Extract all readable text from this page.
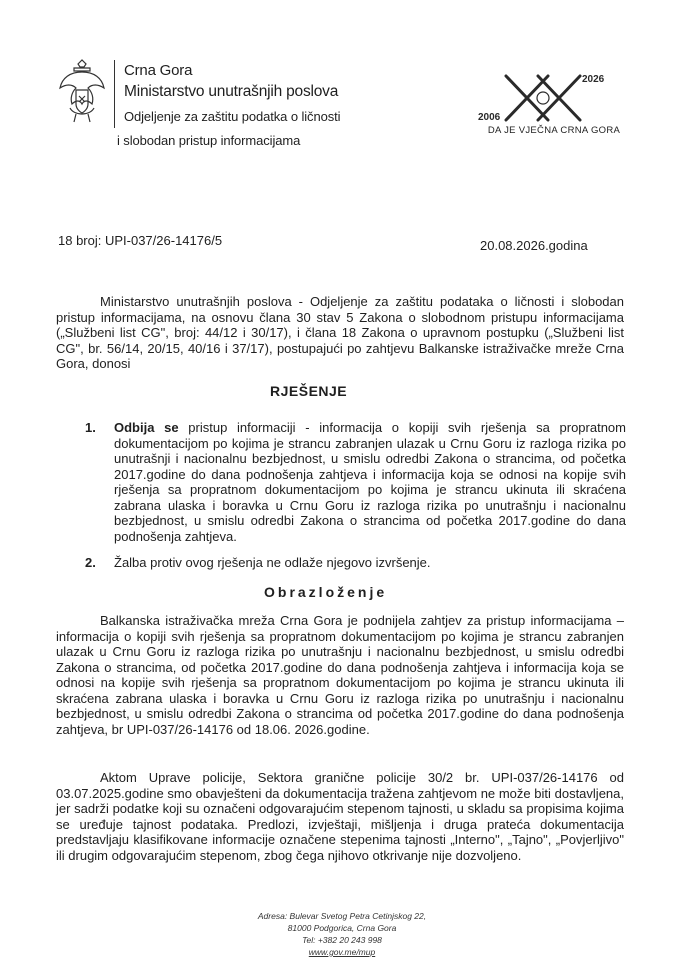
Crna Gora
Ministarstvo unutrašnjih poslova
Odjeljenje za zaštitu podatka o ličnosti
i slobodan pristup informacijama
2006
2026
DA JE VJEČNA CRNA GORA
18 broj: UPI-037/26-14176/5	20.08.2026.godina
Ministarstvo unutrašnjih poslova - Odjeljenje za zaštitu podataka o ličnosti i slobodan pristup informacijama, na osnovu člana 30 stav 5 Zakona o slobodnom pristupu informacijama („Službeni list CG", broj: 44/12 i 30/17), i člana 18 Zakona o upravnom postupku („Službeni list CG", br. 56/14, 20/15, 40/16 i 37/17), postupajući po zahtjevu Balkanske istraživačke mreže Crna Gora, donosi
RJEŠENJE
1. Odbija se pristup informaciji - informacija o kopiji svih rješenja sa propratnom dokumentacijom po kojima je strancu zabranjen ulazak u Crnu Goru iz razloga rizika po unutrašnji i nacionalnu bezbjednost, u smislu odredbi Zakona o strancima, od početka 2017.godine do dana podnošenja zahtjeva i informacija koja se odnosi na kopije svih rješenja sa propratnom dokumentacijom po kojima je strancu ukinuta ili skraćena zabrana ulaska i boravka u Crnu Goru iz razloga rizika po unutrašnju i nacionalnu bezbjednost, u smislu odredbi Zakona o strancima od početka 2017.godine do dana podnošenja zahtjeva.
2. Žalba protiv ovog rješenja ne odlaže njegovo izvršenje.
Obrazloženje
Balkanska istraživačka mreža Crna Gora je podnijela zahtjev za pristup informacijama – informacija o kopiji svih rješenja sa propratnom dokumentacijom po kojima je strancu zabranjen ulazak u Crnu Goru iz razloga rizika po unutrašnju i nacionalnu bezbjednost, u smislu odredbi Zakona o strancima, od početka 2017.godine do dana podnošenja zahtjeva i informacija koja se odnosi na kopije svih rješenja sa propratnom dokumentacijom po kojima je strancu ukinuta ili skraćena zabrana ulaska i boravka u Crnu Goru iz razloga rizika po unutrašnju i nacionalnu bezbjednost, u smislu odredbi Zakona o strancima od početka 2017.godine do dana podnošenja zahtjeva, br UPI-037/26-14176 od 18.06. 2026.godine.
Aktom Uprave policije, Sektora granične policije 30/2 br. UPI-037/26-14176 od 03.07.2025.godine smo obavješteni da dokumentacija tražena zahtjevom ne može biti dostavljena, jer sadrži podatke koji su označeni odgovarajućim stepenom tajnosti, u skladu sa propisima kojima se uređuje tajnost podataka. Predlozi, izvještaji, mišljenja i druga prateća dokumentacija predstavljaju klasifikovane informacije označene stepenima tajnosti „Interno", „Tajno", „Povjerljivo" ili drugim odgovarajućim stepenom, zbog čega njihovo otkrivanje nije dozvoljeno.
Adresa: Bulevar Svetog Petra Cetinjskog 22,
81000 Podgorica, Crna Gora
Tel: +382 20 243 998
www.gov.me/mup
